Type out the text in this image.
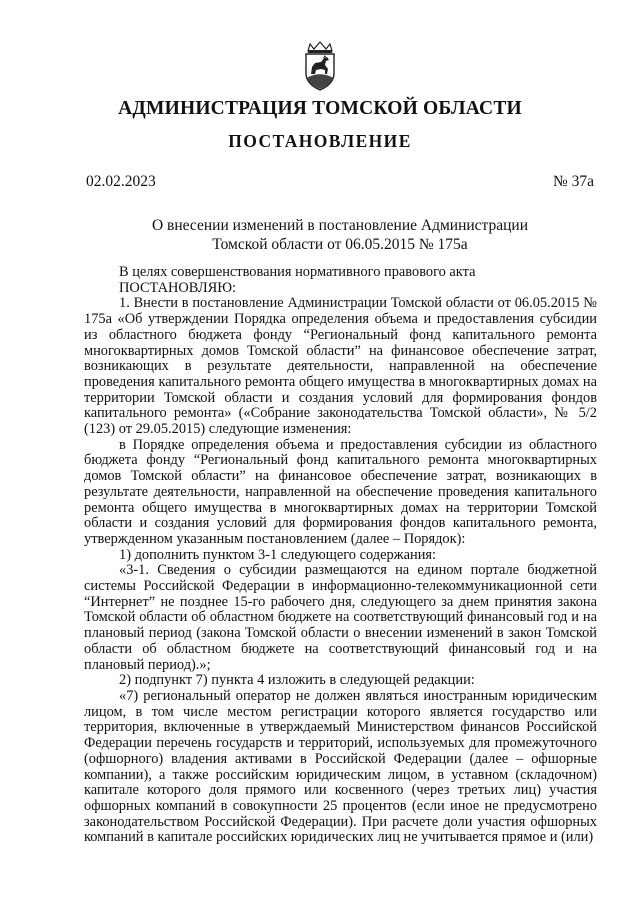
АДМИНИСТРАЦИЯ ТОМСКОЙ ОБЛАСТИ
ПОСТАНОВЛЕНИЕ
02.02.2023	№ 37а
О внесении изменений в постановление Администрации
Томской области от 06.05.2015 № 175а

В целях совершенствования нормативного правового акта

ПОСТАНОВЛЯЮ:

1. Внести в постановление Администрации Томской области от 06.05.2015 № 175а «Об утверждении Порядка определения объема и предоставления субсидии из областного бюджета фонду “Региональный фонд капитального ремонта многоквартирных домов Томской области” на финансовое обеспечение затрат, возникающих в результате деятельности, направленной на обеспечение проведения капитального ремонта общего имущества в многоквартирных домах на территории Томской области и создания условий для формирования фондов капитального ремонта» («Собрание законодательства Томской области», № 5/2 (123) от 29.05.2015) следующие изменения:

в Порядке определения объема и предоставления субсидии из областного бюджета фонду “Региональный фонд капитального ремонта многоквартирных домов Томской области” на финансовое обеспечение затрат, возникающих в результате деятельности, направленной на обеспечение проведения капитального ремонта общего имущества в многоквартирных домах на территории Томской области и создания условий для формирования фондов капитального ремонта, утвержденном указанным постановлением (далее – Порядок):

1) дополнить пунктом 3-1 следующего содержания:

«3-1. Сведения о субсидии размещаются на едином портале бюджетной системы Российской Федерации в информационно-телекоммуникационной сети “Интернет” не позднее 15-го рабочего дня, следующего за днем принятия закона Томской области об областном бюджете на соответствующий финансовый год и на плановый период (закона Томской области о внесении изменений в закон Томской области об областном бюджете на соответствующий финансовый год и на плановый период).»;

2) подпункт 7) пункта 4 изложить в следующей редакции:

«7) региональный оператор не должен являться иностранным юридическим лицом, в том числе местом регистрации которого является государство или территория, включенные в утверждаемый Министерством финансов Российской Федерации перечень государств и территорий, используемых для промежуточного (офшорного) владения активами в Российской Федерации (далее – офшорные компании), а также российским юридическим лицом, в уставном (складочном) капитале которого доля прямого или косвенного (через третьих лиц) участия офшорных компаний в совокупности 25 процентов (если иное не предусмотрено законодательством Российской Федерации). При расчете доли участия офшорных компаний в капитале российских юридических лиц не учитывается прямое и (или)
